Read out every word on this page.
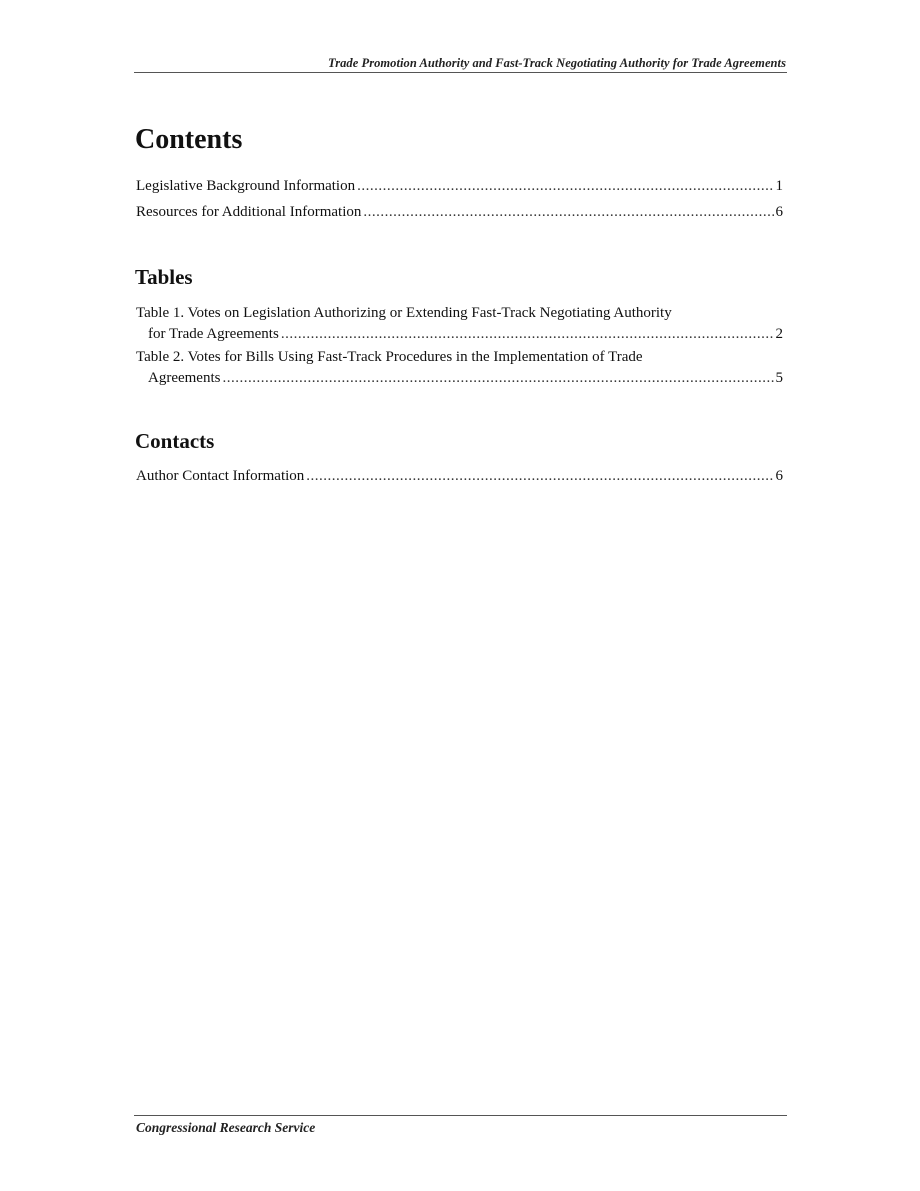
Trade Promotion Authority and Fast-Track Negotiating Authority for Trade Agreements
Contents
Legislative Background Information .....	1
Resources for Additional Information .....	6
Tables
Table 1. Votes on Legislation Authorizing or Extending Fast-Track Negotiating Authority
for Trade Agreements .....	2
Table 2. Votes for Bills Using Fast-Track Procedures in the Implementation of Trade
Agreements .....	5
Contacts
Author Contact Information .....	6
Congressional Research Service
